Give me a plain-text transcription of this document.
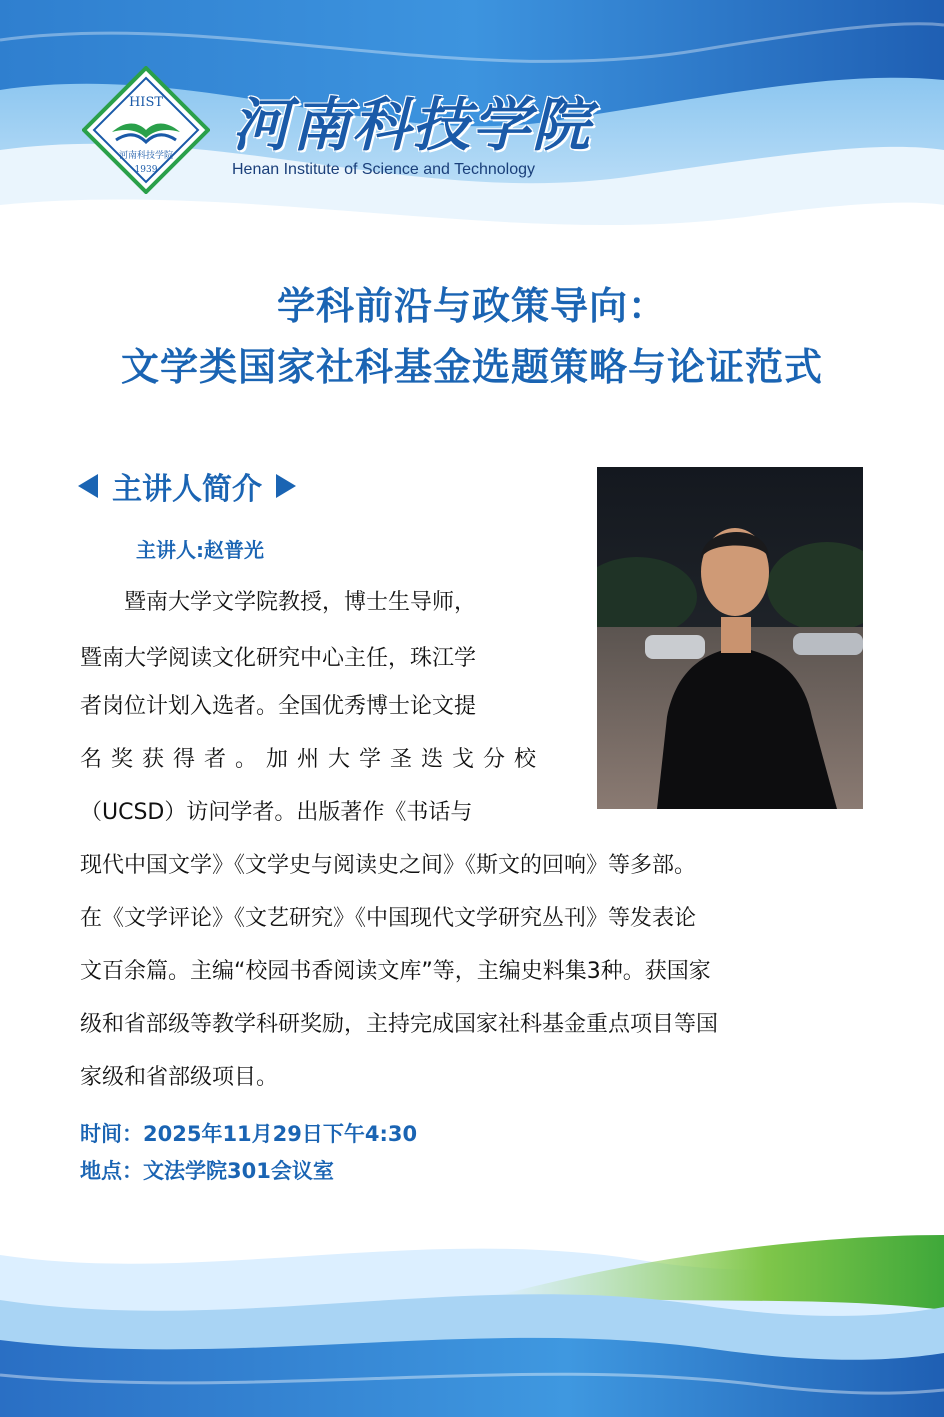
HIST
河南科技学院
1939
河南科技学院
Henan Institute of Science and Technology
学科前沿与政策导向：
文学类国家社科基金选题策略与论证范式
主讲人简介
主讲人:赵普光
　　暨南大学文学院教授，博士生导师，
暨南大学阅读文化研究中心主任，珠江学
者岗位计划入选者。全国优秀博士论文提
名奖获得者。加州大学圣迭戈分校
（UCSD）访问学者。出版著作《书话与
现代中国文学》《文学史与阅读史之间》《斯文的回响》等多部。
在《文学评论》《文艺研究》《中国现代文学研究丛刊》等发表论
文百余篇。主编“校园书香阅读文库”等，主编史料集3种。获国家
级和省部级等教学科研奖励，主持完成国家社科基金重点项目等国
家级和省部级项目。
时间：2025年11月29日下午4:30
地点：文法学院301会议室
